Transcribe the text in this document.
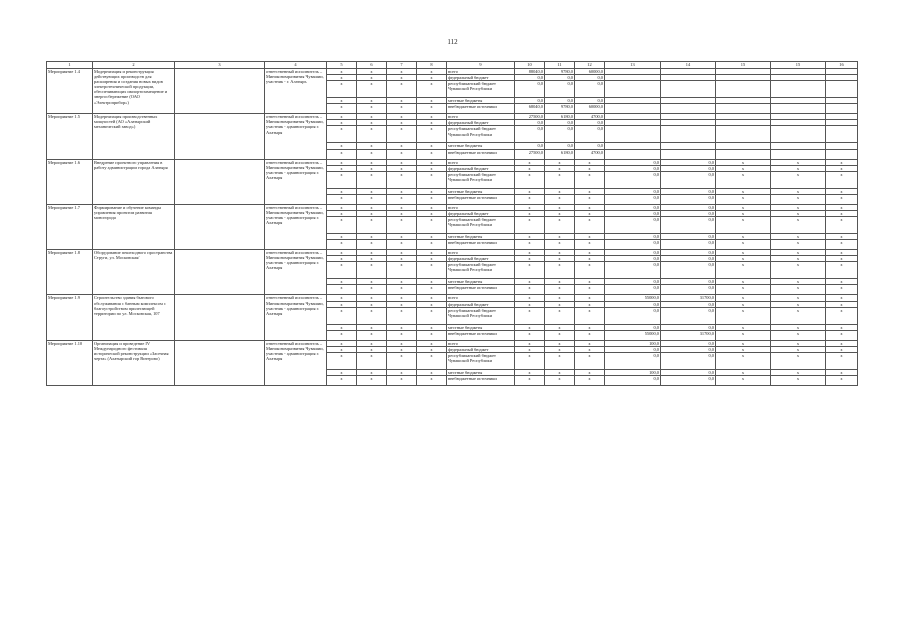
112
1	2	3	4	5	6	7	8	9	10	11	12	13	14	15	15	16
Мероприятие 1.4	Модернизация и реконструкция действующих производств для расширения и создания новых видов электротехнической продукции, обеспечивающих импортозамещение и энергосбережение (ОАО «Электроприбор»)		ответственный исполнитель – Минэкономразвития Чувашии, участник - г. Алатырь	x	x	x	x	всего	88040,0	9780,0	60000,0					
				x	x	x	x	федеральный бюджет	0,0	0,0	0,0					
				x	x	x	x	республиканский бюджет Чувашской Республики	0,0	0,0	0,0					
				x	x	x	x	местные бюджеты	0,0	0,0	0,0					
				x	x	x	x	внебюджетные источники	68040,0	9780,0	60000,0					
Мероприятие 1.5	Модернизация производственных мощностей (АО «Алатырский механический завод»)		ответственный исполнитель – Минэкономразвития Чувашии, участник - администрация г. Алатыря	x	x	x	x	всего	27500,0	6180,0	4700,0					
				x	x	x	x	федеральный бюджет	0,0	0,0	0,0					
				x	x	x	x	республиканский бюджет Чувашской Республики	0,0	0,0	0,0					
				x	x	x	x	местные бюджеты	0,0	0,0	0,0					
				x	x	x	x	внебюджетные источники	27500,0	6180,0	4700,0					
Мероприятие 1.6	Внедрение проектного управления в работу администрации города Алатыря		ответственный исполнитель – Минэкономразвития Чувашии, участник - администрация г. Алатыря	x	x	x	x	всего	x	x	x	0,0	0,0	x	x	x
				x	x	x	x	федеральный бюджет	x	x	x	0,0	0,0	x	x	x
				x	x	x	x	республиканский бюджет Чувашской Республики	x	x	x	0,0	0,0	x	x	x
				x	x	x	x	местные бюджеты	x	x	x	0,0	0,0	x	x	x
				x	x	x	x	внебюджетные источники	x	x	x	0,0	0,0	x	x	x
Мероприятие 1.7	Формирование и обучение команды управления проектом развития моногорода		ответственный исполнитель – Минэкономразвития Чувашии, участник - администрация г. Алатыря	x	x	x	x	всего	x	x	x	0,0	0,0	x	x	x
				x	x	x	x	федеральный бюджет	x	x	x	0,0	0,0	x	x	x
				x	x	x	x	республиканский бюджет Чувашской Республики	x	x	x	0,0	0,0	x	x	x
				x	x	x	x	местные бюджеты	x	x	x	0,0	0,0	x	x	x
				x	x	x	x	внебюджетные источники	x	x	x	0,0	0,0	x	x	x
Мероприятие 1.8	Оборудование пешеходного пространства Струги, ул. Московская/		ответственный исполнитель – Минэкономразвития Чувашии, участник - администрация г. Алатыря	x	x	x	x	всего	x	x	x	0,0	0,0	x	x	x
				x	x	x	x	федеральный бюджет	x	x	x	0,0	0,0	x	x	x
				x	x	x	x	республиканский бюджет Чувашской Республики	x	x	x	0,0	0,0	x	x	x
				x	x	x	x	местные бюджеты	x	x	x	0,0	0,0	x	x	x
				x	x	x	x	внебюджетные источники	x	x	x	0,0	0,0	x	x	x
Мероприятие 1.9	Строительство здания бытового обслуживания с банным комплексом с благоустройством прилегающей территории по ул. Московская, 107		ответственный исполнитель – Минэкономразвития Чувашии, участник - администрация г. Алатыря	x	x	x	x	всего	x	x	x	55000,0	31700,0	x	x	x
				x	x	x	x	федеральный бюджет	x	x	x	0,0	0,0	x	x	x
				x	x	x	x	республиканский бюджет Чувашской Республики	x	x	x	0,0	0,0	x	x	x
				x	x	x	x	местные бюджеты	x	x	x	0,0	0,0	x	x	x
				x	x	x	x	внебюджетные источники	x	x	x	55000,0	31700,0	x	x	x
Мероприятие 1.10	Организация и проведение IV Международного фестиваля исторической реконструкции «Засечная черта» (Алатырский гор Витерово)		ответственный исполнитель – Минэкономразвития Чувашии, участник - администрация г. Алатыря	x	x	x	x	всего	x	x	x	100,0	0,0	x	x	x
				x	x	x	x	федеральный бюджет	x	x	x	0,0	0,0	x	x	x
				x	x	x	x	республиканский бюджет Чувашской Республики	x	x	x	0,0	0,0	x	x	x
				x	x	x	x	местные бюджеты	x	x	x	100,0	0,0	x	x	x
				x	x	x	x	внебюджетные источники	x	x	x	0,0	0,0	x	x	x
